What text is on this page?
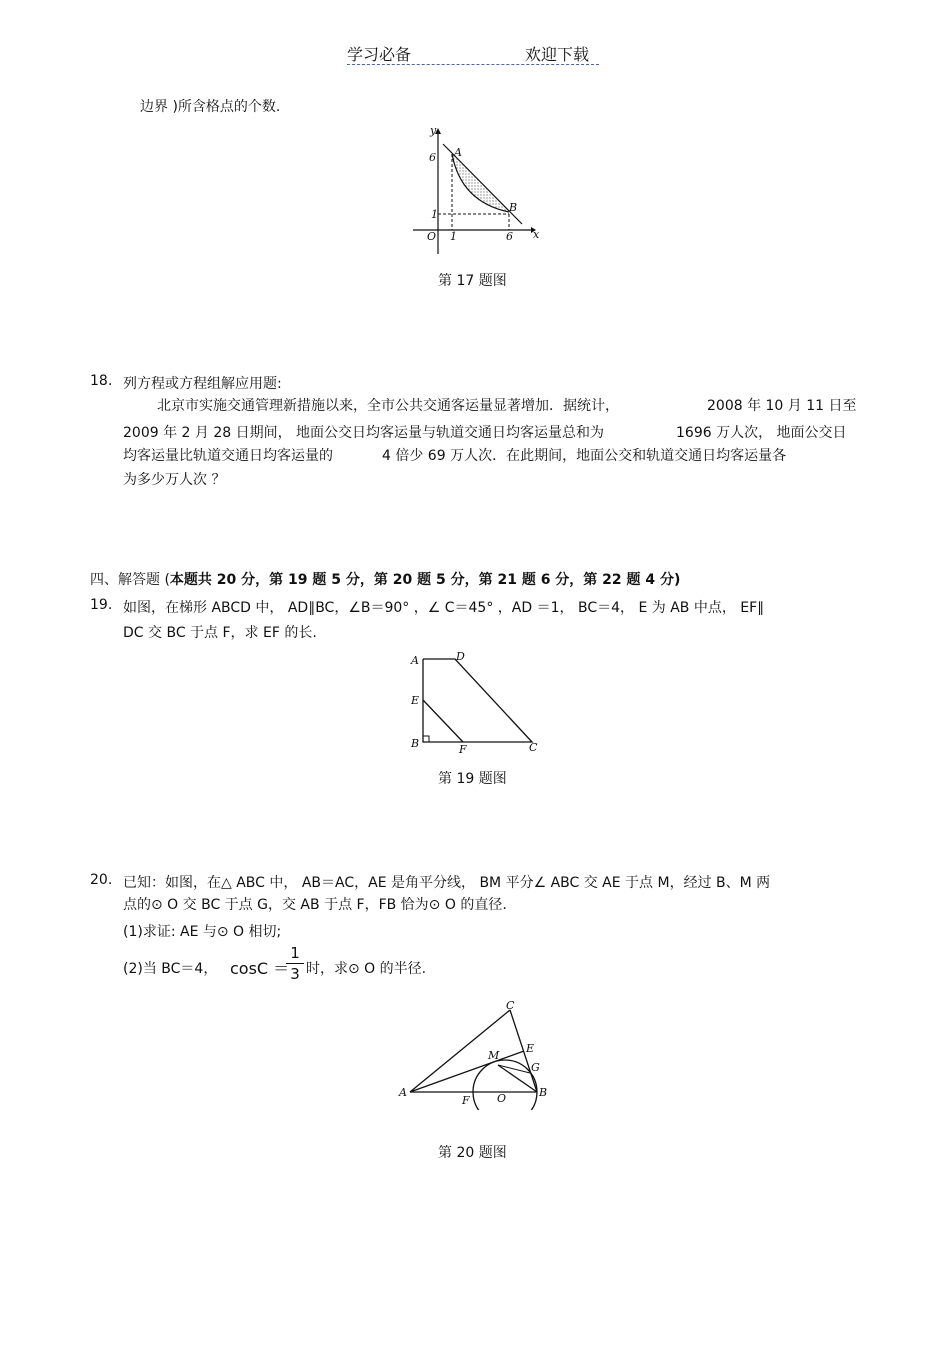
学习必备	欢迎下载
边界 )所含格点的个数.
y
x
O
6
1
1	6
A
B
第 17 题图
18. 列方程或方程组解应用题:
北京市实施交通管理新措施以来，全市公共交通客运量显著增加．据统计，	2008 年 10 月 11 日至
2009 年 2 月 28 日期间， 地面公交日均客运量与轨道交通日均客运量总和为	1696 万人次， 地面公交日
均客运量比轨道交通日均客运量的	4 倍少 69 万人次．在此期间，地面公交和轨道交通日均客运量各
为多少万人次 ？
四、解答题 (本题共 20 分，第 19 题 5 分，第 20 题 5 分，第 21 题 6 分，第 22 题 4 分)
19. 如图，在梯形 ABCD 中， AD∥BC，∠B＝90° ，∠ C＝45° ，AD ＝1， BC＝4， E 为 AB 中点， EF∥
DC 交 BC 于点 F，求 EF 的长.
A	D
E
B	F	C
第 19 题图
20. 已知：如图，在△ ABC 中， AB＝AC，AE 是角平分线， BM 平分∠ ABC 交 AE 于点 M，经过 B、M 两
点的⊙ O 交 BC 于点 G，交 AB 于点 F，FB 恰为⊙ O 的直径.
(1)求证: AE 与⊙ O 相切;
(2)当 BC＝4， cosC ＝
1
3 时，求⊙ O 的半径.
C
M
E
G
A
F O	B
第 20 题图
